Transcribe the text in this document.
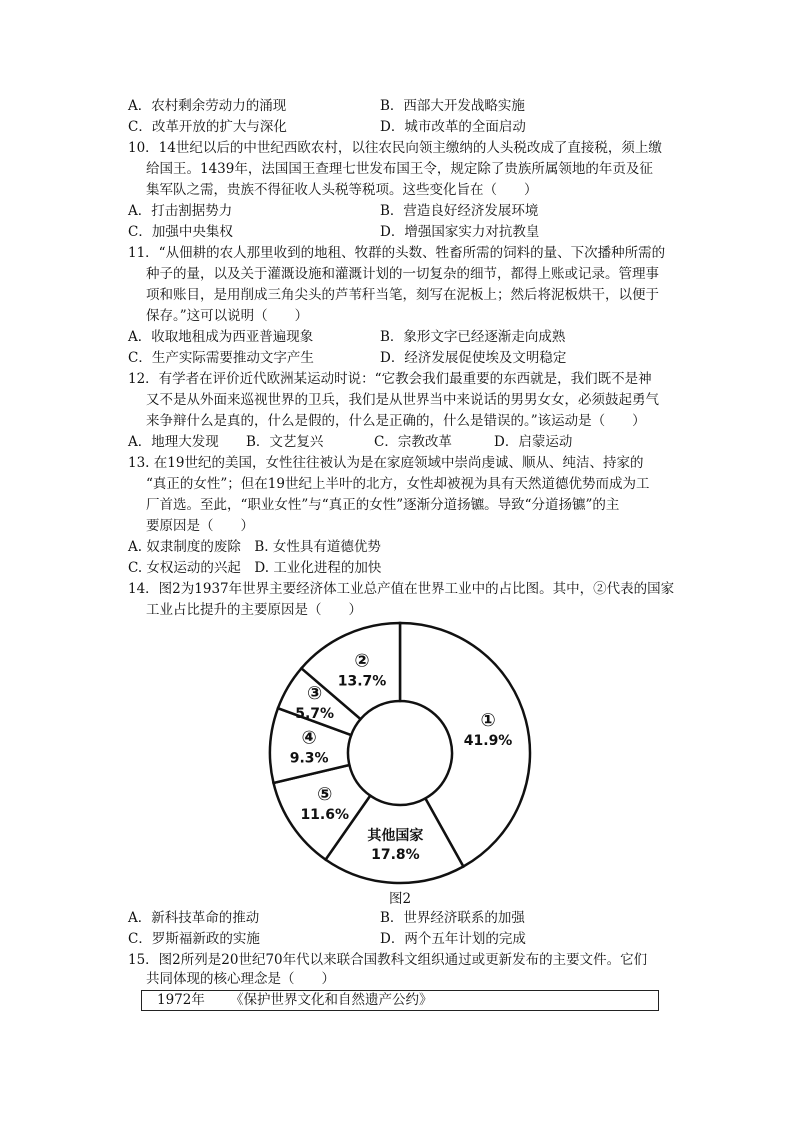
A．农村剩余劳动力的涌现	B．西部大开发战略实施
C．改革开放的扩大与深化	D．城市改革的全面启动
10．14世纪以后的中世纪西欧农村，以往农民向领主缴纳的人头税改成了直接税，须上缴
给国王。1439年，法国国王查理七世发布国王令，规定除了贵族所属领地的年贡及征
集军队之需，贵族不得征收人头税等税项。这些变化旨在（　　）
A．打击割据势力	B．营造良好经济发展环境
C．加强中央集权	D．增强国家实力对抗教皇
11．“从佃耕的农人那里收到的地租、牧群的头数、牲畜所需的饲料的量、下次播种所需的
种子的量，以及关于灌溉设施和灌溉计划的一切复杂的细节，都得上账或记录。管理事
项和账目，是用削成三角尖头的芦苇秆当笔，刻写在泥板上；然后将泥板烘干，以便于
保存。”这可以说明（　　）
A．收取地租成为西亚普遍现象	B．象形文字已经逐渐走向成熟
C．生产实际需要推动文字产生	D．经济发展促使埃及文明稳定
12．有学者在评价近代欧洲某运动时说：“它教会我们最重要的东西就是，我们既不是神
又不是从外面来巡视世界的卫兵，我们是从世界当中来说话的男男女女，必须鼓起勇气
来争辩什么是真的，什么是假的，什么是正确的，什么是错误的。”该运动是（　　）
A．地理大发现 B．文艺复兴	C．宗教改革	D．启蒙运动
13. 在19世纪的美国，女性往往被认为是在家庭领域中崇尚虔诚、顺从、纯洁、持家的
“真正的女性”；但在19世纪上半叶的北方，女性却被视为具有天然道德优势而成为工
厂首选。至此，“职业女性”与“真正的女性”逐渐分道扬镳。导致“分道扬镳”的主
要原因是（　　）
A. 奴隶制度的废除　B. 女性具有道德优势
C. 女权运动的兴起　D. 工业化进程的加快
14．图2为1937年世界主要经济体工业总产值在世界工业中的占比图。其中，②代表的国家
工业占比提升的主要原因是（　　）
①
41.9%
其他国家
17.8%
⑤
11.6%
④
9.3%
③
5.7%
②
13.7%
图2
A．新科技革命的推动	B．世界经济联系的加强
C．罗斯福新政的实施	D．两个五年计划的完成
15．图2所列是20世纪70年代以来联合国教科文组织通过或更新发布的主要文件。它们
共同体现的核心理念是（　　）
1972年 《保护世界文化和自然遗产公约》
